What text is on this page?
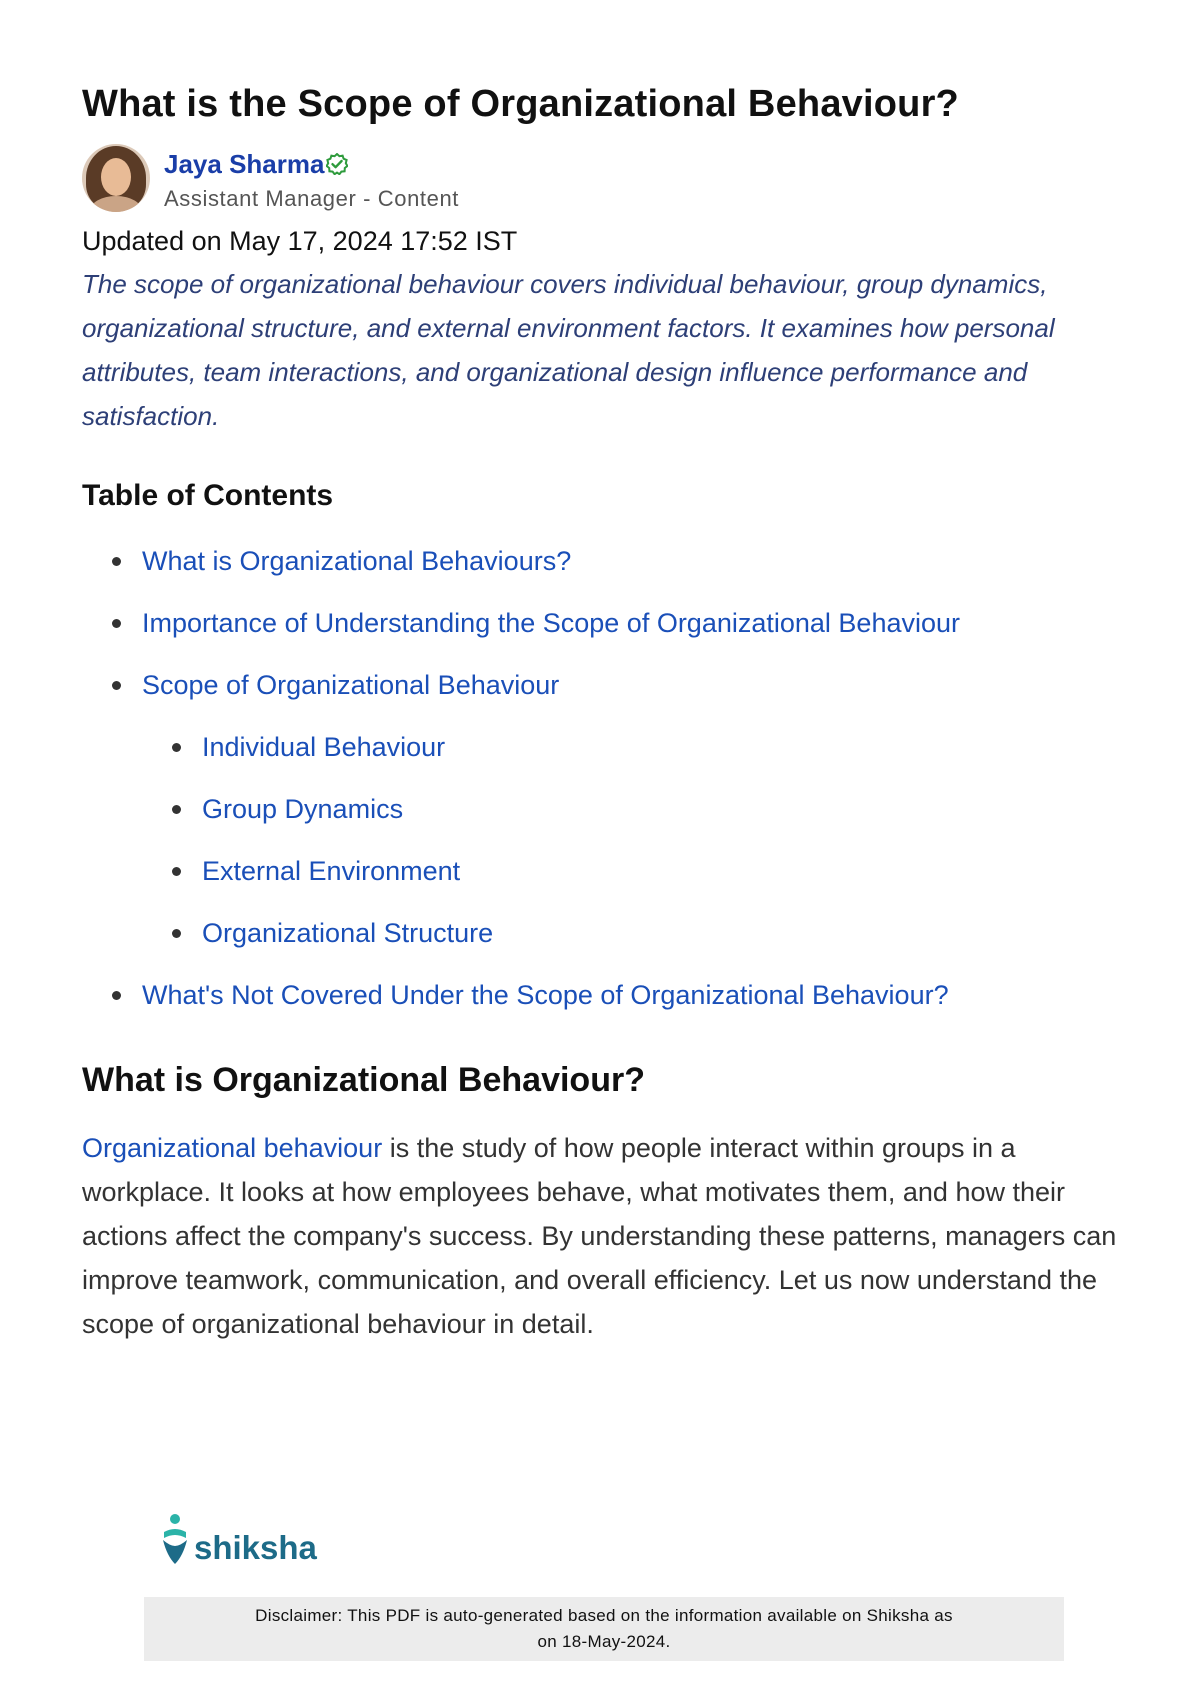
What is the Scope of Organizational Behaviour?
Jaya Sharma
Assistant Manager - Content
Updated on May 17, 2024 17:52 IST
The scope of organizational behaviour covers individual behaviour, group dynamics, organizational structure, and external environment factors. It examines how personal attributes, team interactions, and organizational design influence performance and satisfaction.
Table of Contents
What is Organizational Behaviours?
Importance of Understanding the Scope of Organizational Behaviour
Scope of Organizational Behaviour
Individual Behaviour
Group Dynamics
External Environment
Organizational Structure
What's Not Covered Under the Scope of Organizational Behaviour?
What is Organizational Behaviour?
Organizational behaviour is the study of how people interact within groups in a workplace. It looks at how employees behave, what motivates them, and how their actions affect the company's success. By understanding these patterns, managers can improve teamwork, communication, and overall efficiency. Let us now understand the scope of organizational behaviour in detail.
shiksha
Disclaimer: This PDF is auto-generated based on the information available on Shiksha as
on 18-May-2024.
